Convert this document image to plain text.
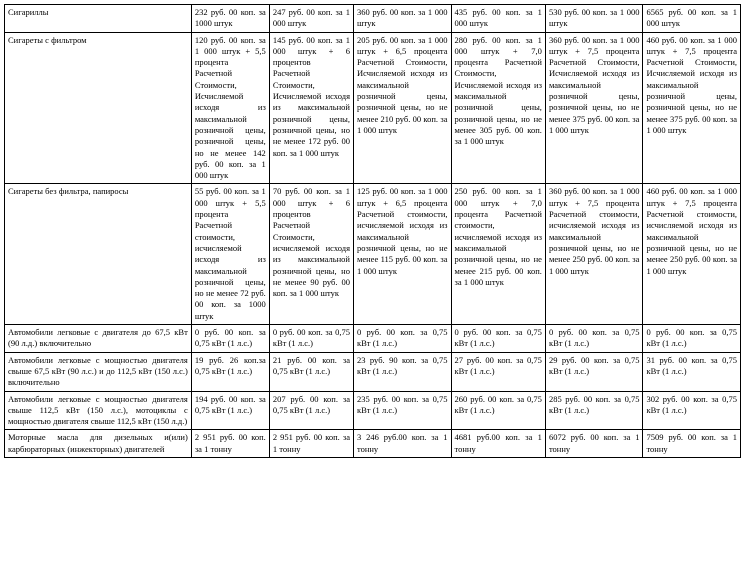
Сигариллы	232 руб. 00 коп. за 1000 штук	247 руб. 00 коп. за 1 000 штук	360 руб. 00 коп. за 1 000 штук	435 руб. 00 коп. за 1 000 штук	530 руб. 00 коп. за 1 000 штук	6565 руб. 00 коп. за 1 000 штук
Сигареты с фильтром	120 руб. 00 коп. за 1 000 штук + 5,5 процента Расчетной Стоимости, Исчисляемой исходя из максимальной розничной цены, розничной цены, но не менее 142 руб. 00 коп. за 1 000 штук	145 руб. 00 коп. за 1 000 штук + 6 процентов Расчетной Стоимости, Исчисляемой исходя из максимальной розничной цены, розничной цены, но не менее 172 руб. 00 коп. за 1 000 штук	205 руб. 00 коп. за 1 000 штук + 6,5 процента Расчетной Стоимости, Исчисляемой исходя из максимальной розничной цены, розничной цены, но не менее 210 руб. 00 коп. за 1 000 штук	280 руб. 00 коп. за 1 000 штук + 7,0 процента Расчетной Стоимости, Исчисляемой исходя из максимальной розничной цены, розничной цены, но не менее 305 руб. 00 коп. за 1 000 штук	360 руб. 00 коп. за 1 000 штук + 7,5 процента Расчетной Стоимости, Исчисляемой исходя из максимальной розничной цены, розничной цены, но не менее 375 руб. 00 коп. за 1 000 штук	460 руб. 00 коп. за 1 000 штук + 7,5 процента Расчетной Стоимости, Исчисляемой исходя из максимальной розничной цены, розничной цены, но не менее 375 руб. 00 коп. за 1 000 штук
Сигареты без фильтра, папиросы	55 руб. 00 коп. за 1 000 штук + 5,5 процента Расчетной стоимости, исчисляемой исходя из максимальной розничной цены, но не менее 72 руб. 00 коп. за 1000 штук	70 руб. 00 коп. за 1 000 штук + 6 процентов Расчетной Стоимости, исчисляемой исходя из максимальной розничной цены, но не менее 90 руб. 00 коп. за 1 000 штук	125 руб. 00 коп. за 1 000 штук + 6,5 процента Расчетной стоимости, исчисляемой исходя из максимальной розничной цены, но не менее 115 руб. 00 коп. за 1 000 штук	250 руб. 00 коп. за 1 000 штук + 7,0 процента Расчетной стоимости, исчисляемой исходя из максимальной розничной цены, но не менее 215 руб. 00 коп. за 1 000 штук	360 руб. 00 коп. за 1 000 штук + 7,5 процента Расчетной стоимости, исчисляемой исходя из максимальной розничной цены, но не менее 250 руб. 00 коп. за 1 000 штук	460 руб. 00 коп. за 1 000 штук + 7,5 процента Расчетной стоимости, исчисляемой исходя из максимальной розничной цены, но не менее 250 руб. 00 коп. за 1 000 штук
Автомобили легковые с двигателя до 67,5 кВт (90 л.д.) включительно	0 руб. 00 коп. за 0,75 кВт (1 л.с.)	0 руб. 00 коп. за 0,75 кВт (1 л.с.)	0 руб. 00 коп. за 0,75 кВт (1 л.с.)	0 руб. 00 коп. за 0,75 кВт (1 л.с.)	0 руб. 00 коп. за 0,75 кВт (1 л.с.)	0 руб. 00 коп. за 0,75 кВт (1 л.с.)
Автомобили легковые с мощностью двигателя свыше 67,5 кВт (90 л.с.) и до 112,5 кВт (150 л.с.) включительно	19 руб. 26 коп.за 0,75 кВт (1 л.с.)	21 руб. 00 коп. за 0,75 кВт (1 л.с.)	23 руб. 90 коп. за 0,75 кВт (1 л.с.)	27 руб. 00 коп. за 0,75 кВт (1 л.с.)	29 руб. 00 коп. за 0,75 кВт (1 л.с.)	31 руб. 00 коп. за 0,75 кВт (1 л.с.)
Автомобили легковые с мощностью двигателя свыше 112,5 кВт (150 л.с.), мотоциклы с мощностью двигателя свыше 112,5 кВт (150 л.д.)	194 руб. 00 коп. за 0,75 кВт (1 л.с.)	207 руб. 00 коп. за 0,75 кВт (1 л.с.)	235 руб. 00 коп. за 0,75 кВт (1 л.с.)	260 руб. 00 коп. за 0,75 кВт (1 л.с.)	285 руб. 00 коп. за 0,75 кВт (1 л.с.)	302 руб. 00 коп. за 0,75 кВт (1 л.с.)
Моторные масла для дизельных и(или) карбюраторных (инжекторных) двигателей	2 951 руб. 00 коп. за 1 тонну	2 951 руб. 00 коп. за 1 тонну	3 246 руб.00 коп. за 1 тонну	4681 руб.00 коп. за 1 тонну	6072 руб. 00 коп. за 1 тонну	7509 руб. 00 коп. за 1 тонну
